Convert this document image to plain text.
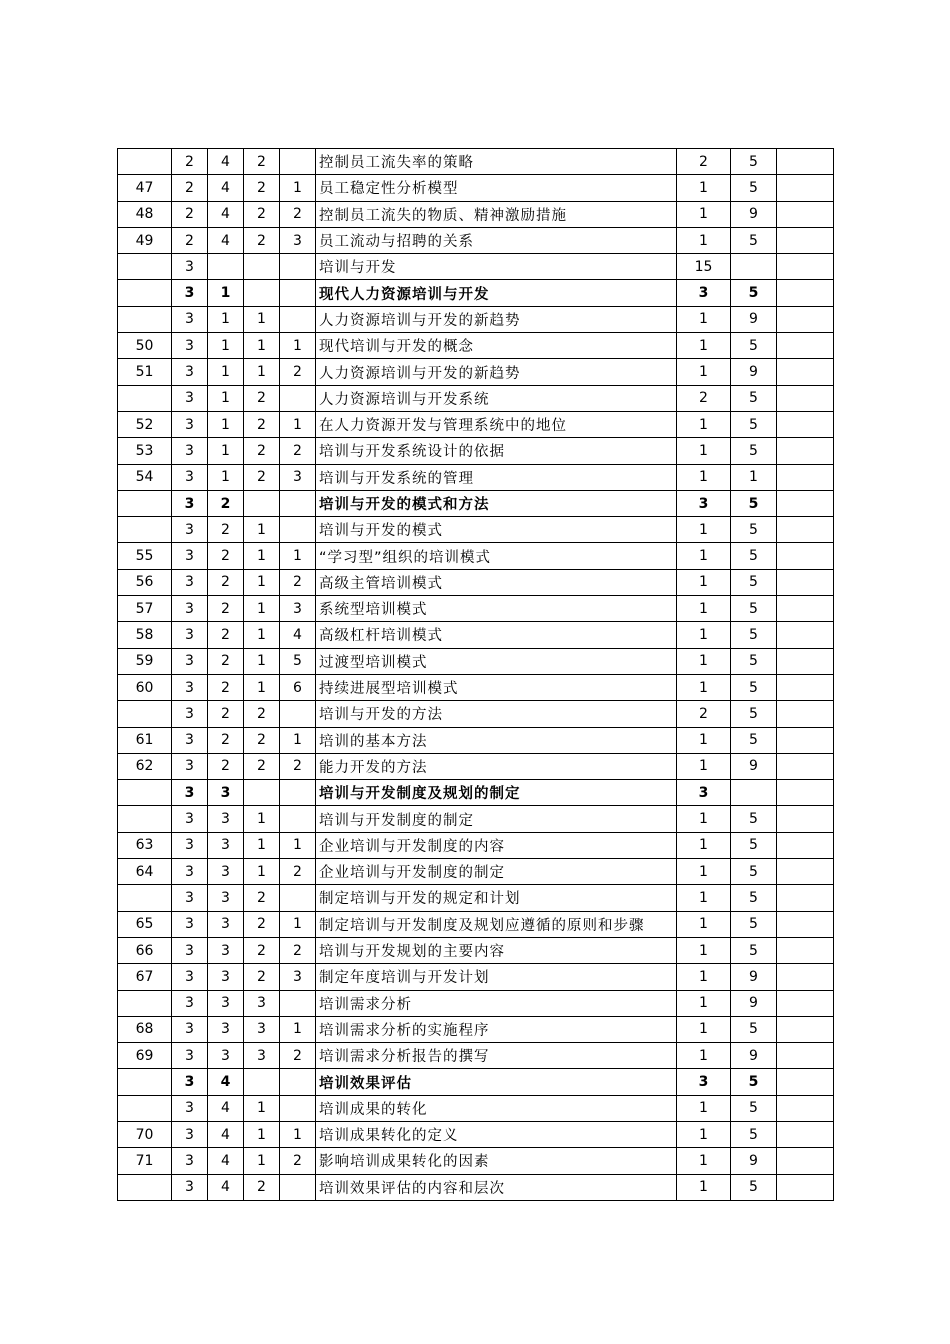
	2	4	2		控制员工流失率的策略	2	5	
47	2	4	2	1	员工稳定性分析模型	1	5	
48	2	4	2	2	控制员工流失的物质、精神激励措施	1	9	
49	2	4	2	3	员工流动与招聘的关系	1	5	
	3				培训与开发	15		
	3	1			现代人力资源培训与开发	3	5	
	3	1	1		人力资源培训与开发的新趋势	1	9	
50	3	1	1	1	现代培训与开发的概念	1	5	
51	3	1	1	2	人力资源培训与开发的新趋势	1	9	
	3	1	2		人力资源培训与开发系统	2	5	
52	3	1	2	1	在人力资源开发与管理系统中的地位	1	5	
53	3	1	2	2	培训与开发系统设计的依据	1	5	
54	3	1	2	3	培训与开发系统的管理	1	1	
	3	2			培训与开发的模式和方法	3	5	
	3	2	1		培训与开发的模式	1	5	
55	3	2	1	1	“学习型”组织的培训模式	1	5	
56	3	2	1	2	高级主管培训模式	1	5	
57	3	2	1	3	系统型培训模式	1	5	
58	3	2	1	4	高级杠杆培训模式	1	5	
59	3	2	1	5	过渡型培训模式	1	5	
60	3	2	1	6	持续进展型培训模式	1	5	
	3	2	2		培训与开发的方法	2	5	
61	3	2	2	1	培训的基本方法	1	5	
62	3	2	2	2	能力开发的方法	1	9	
	3	3			培训与开发制度及规划的制定	3		
	3	3	1		培训与开发制度的制定	1	5	
63	3	3	1	1	企业培训与开发制度的内容	1	5	
64	3	3	1	2	企业培训与开发制度的制定	1	5	
	3	3	2		制定培训与开发的规定和计划	1	5	
65	3	3	2	1	制定培训与开发制度及规划应遵循的原则和步骤	1	5	
66	3	3	2	2	培训与开发规划的主要内容	1	5	
67	3	3	2	3	制定年度培训与开发计划	1	9	
	3	3	3		培训需求分析	1	9	
68	3	3	3	1	培训需求分析的实施程序	1	5	
69	3	3	3	2	培训需求分析报告的撰写	1	9	
	3	4			培训效果评估	3	5	
	3	4	1		培训成果的转化	1	5	
70	3	4	1	1	培训成果转化的定义	1	5	
71	3	4	1	2	影响培训成果转化的因素	1	9	
	3	4	2		培训效果评估的内容和层次	1	5	
